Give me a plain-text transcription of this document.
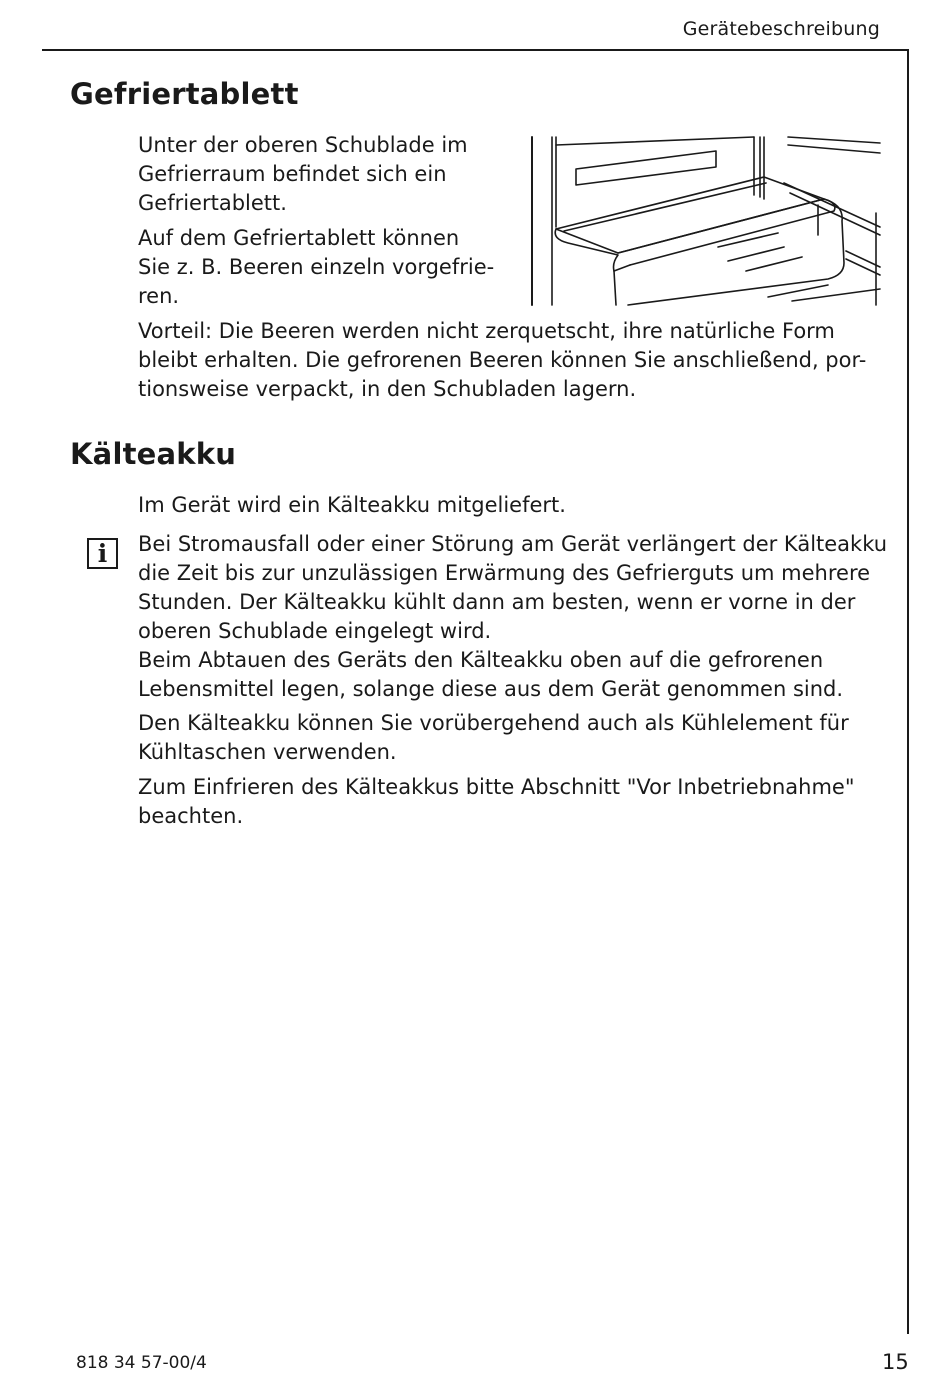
Gerätebeschreibung
Gefriertablett
Unter der oberen Schublade im
Gefrierraum befindet sich ein
Gefriertablett.
Auf dem Gefriertablett können
Sie z. B. Beeren einzeln vorgefrie-
ren.
Vorteil: Die Beeren werden nicht zerquetscht, ihre natürliche Form
bleibt erhalten. Die gefrorenen Beeren können Sie anschließend, por-
tionsweise verpackt, in den Schubladen lagern.
Kälteakku
Im Gerät wird ein Kälteakku mitgeliefert.
i	Bei Stromausfall oder einer Störung am Gerät verlängert der Kälteakku
die Zeit bis zur unzulässigen Erwärmung des Gefrierguts um mehrere
Stunden. Der Kälteakku kühlt dann am besten, wenn er vorne in der
oberen Schublade eingelegt wird.
Beim Abtauen des Geräts den Kälteakku oben auf die gefrorenen
Lebensmittel legen, solange diese aus dem Gerät genommen sind.
Den Kälteakku können Sie vorübergehend auch als Kühlelement für
Kühltaschen verwenden.
Zum Einfrieren des Kälteakkus bitte Abschnitt "Vor Inbetriebnahme"
beachten.
818 34 57-00/4	15
